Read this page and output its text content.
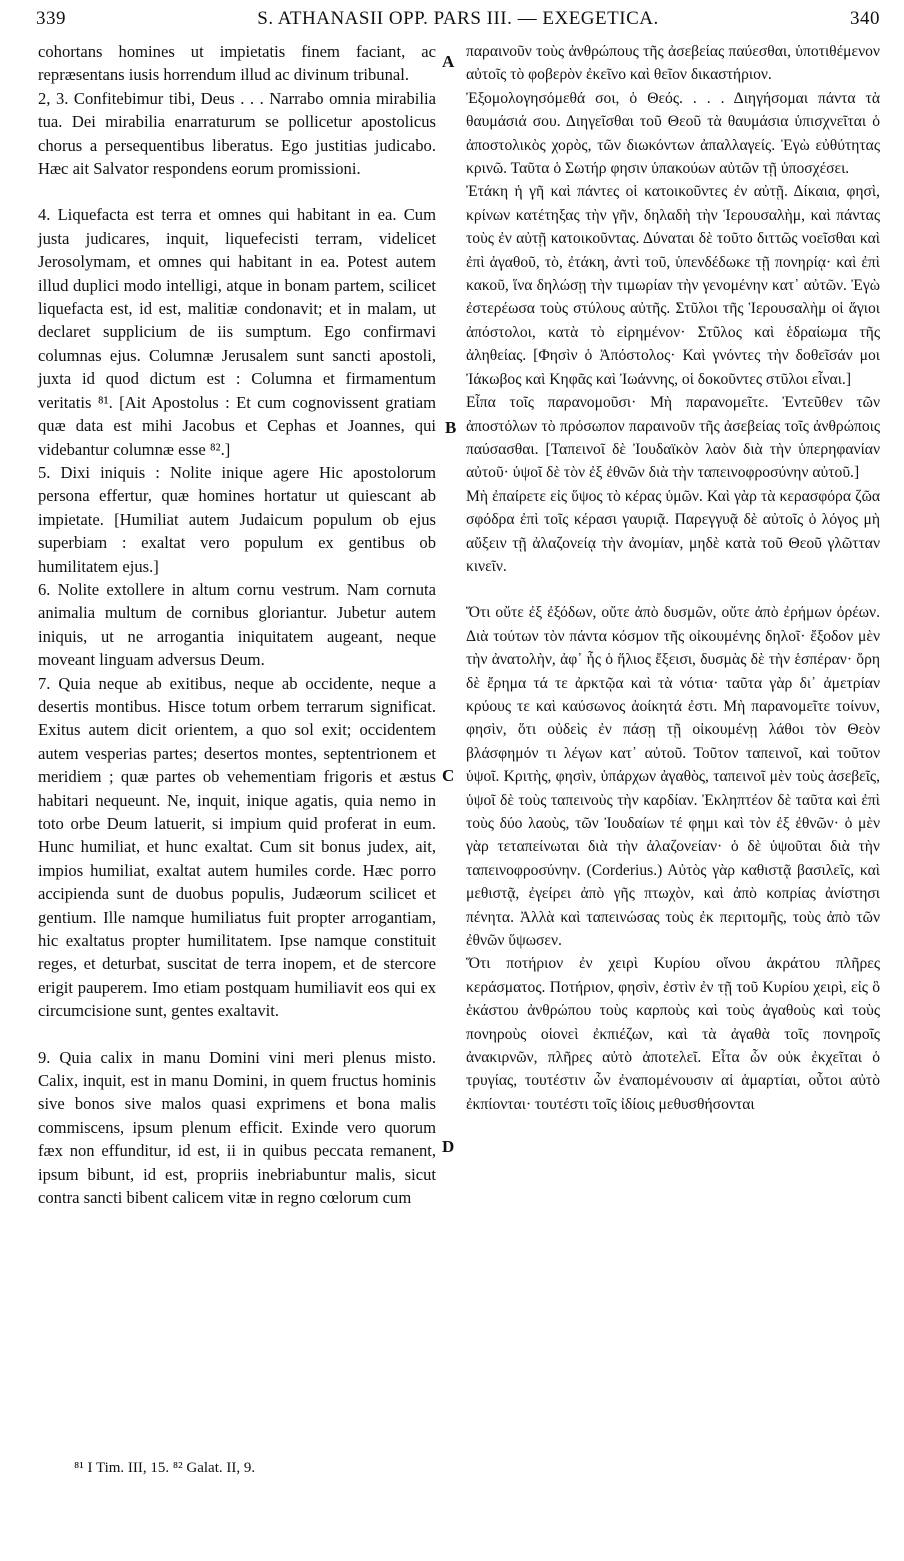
339	S. ATHANASII OPP. PARS III. — EXEGETICA.	340

cohortans homines ut impietatis finem faciant, ac repræsentans iusis horrendum illud ac divinum tribunal.

2, 3. Confitebimur tibi, Deus . . . Narrabo omnia mirabilia tua. Dei mirabilia enarraturum se pollicetur apostolicus chorus a persequentibus liberatus. Ego justitias judicabo. Hæc ait Salvator respondens eorum promissioni.

4. Liquefacta est terra et omnes qui habitant in ea. Cum justa judicares, inquit, liquefecisti terram, videlicet Jerosolymam, et omnes qui habitant in ea. Potest autem illud duplici modo intelligi, atque in bonam partem, scilicet liquefacta est, id est, malitiæ condonavit; et in malam, ut declaret supplicium de iis sumptum. Ego confirmavi columnas ejus. Columnæ Jerusalem sunt sancti apostoli, juxta id quod dictum est : Columna et firmamentum veritatis ⁸¹. [Ait Apostolus : Et cum cognovissent gratiam quæ data est mihi Jacobus et Cephas et Joannes, qui videbantur columnæ esse ⁸².]

5. Dixi iniquis : Nolite inique agere Hic apostolorum persona effertur, quæ homines hortatur ut quiescant ab impietate. [Humiliat autem Judaicum populum ob ejus superbiam : exaltat vero populum ex gentibus ob humilitatem ejus.]

6. Nolite extollere in altum cornu vestrum. Nam cornuta animalia multum de cornibus gloriantur. Jubetur autem iniquis, ut ne arrogantia iniquitatem augeant, neque moveant linguam adversus Deum.

7. Quia neque ab exitibus, neque ab occidente, neque a desertis montibus. Hisce totum orbem terrarum significat. Exitus autem dicit orientem, a quo sol exit; occidentem autem vesperias partes; desertos montes, septentrionem et meridiem ; quæ partes ob vehementiam frigoris et æstus habitari nequeunt. Ne, inquit, inique agatis, quia nemo in toto orbe Deum latuerit, si impium quid proferat in eum. Hunc humiliat, et hunc exaltat. Cum sit bonus judex, ait, impios humiliat, exaltat autem humiles corde. Hæc porro accipienda sunt de duobus populis, Judæorum scilicet et gentium. Ille namque humiliatus fuit propter arrogantiam, hic exaltatus propter humilitatem. Ipse namque constituit reges, et deturbat, suscitat de terra inopem, et de stercore erigit pauperem. Imo etiam postquam humiliavit eos qui ex circumcisione sunt, gentes exaltavit.

9. Quia calix in manu Domini vini meri plenus misto. Calix, inquit, est in manu Domini, in quem fructus hominis sive bonos sive malos quasi exprimens et bona malis commiscens, ipsum plenum efficit. Exinde vero quorum fæx non effunditur, id est, ii in quibus peccata remanent, ipsum bibunt, id est, propriis inebriabuntur malis, sicut contra sancti bibent calicem vitæ in regno cœlorum cum

A
B
C
D

παραινοῦν τοὺς ἀνθρώπους τῆς ἀσεβείας παύεσθαι, ὑποτιθέμενον αὐτοῖς τὸ φοβερὸν ἐκεῖνο καὶ θεῖον δικαστήριον.

Ἐξομολογησόμεθά σοι, ὁ Θεός. . . . Διηγήσομαι πάντα τὰ θαυμάσιά σου. Διηγεῖσθαι τοῦ Θεοῦ τὰ θαυμάσια ὑπισχνεῖται ὁ ἀποστολικὸς χορὸς, τῶν διωκόντων ἀπαλλαγείς. Ἐγὼ εὐθύτητας κρινῶ. Ταῦτα ὁ Σωτήρ φησιν ὑπακούων αὐτῶν τῇ ὑποσχέσει.

Ἐτάκη ἡ γῆ καὶ πάντες οἱ κατοικοῦντες ἐν αὐτῇ. Δίκαια, φησὶ, κρίνων κατέτηξας τὴν γῆν, δηλαδὴ τὴν Ἱερουσαλὴμ, καὶ πάντας τοὺς ἐν αὐτῇ κατοικοῦντας. Δύναται δὲ τοῦτο διττῶς νοεῖσθαι καὶ ἐπὶ ἀγαθοῦ, τὸ, ἐτάκη, ἀντὶ τοῦ, ὑπενδέδωκε τῇ πονηρίᾳ· καὶ ἐπὶ κακοῦ, ἵνα δηλώσῃ τὴν τιμωρίαν τὴν γενομένην κατ᾽ αὐτῶν. Ἐγὼ ἐστερέωσα τοὺς στύλους αὐτῆς. Στῦλοι τῆς Ἱερουσαλὴμ οἱ ἅγιοι ἀπόστολοι, κατὰ τὸ εἰρημένον· Στῦλος καὶ ἑδραίωμα τῆς ἀληθείας. [Φησὶν ὁ Ἀπόστολος· Καὶ γνόντες τὴν δοθεῖσάν μοι Ἰάκωβος καὶ Κηφᾶς καὶ Ἰωάννης, οἱ δοκοῦντες στῦλοι εἶναι.]

Εἶπα τοῖς παρανομοῦσι· Μὴ παρανομεῖτε. Ἐντεῦθεν τῶν ἀποστόλων τὸ πρόσωπον παραινοῦν τῆς ἀσεβείας τοῖς ἀνθρώποις παύσασθαι. [Ταπεινοῖ δὲ Ἰουδαϊκὸν λαὸν διὰ τὴν ὑπερηφανίαν αὐτοῦ· ὑψοῖ δὲ τὸν ἐξ ἐθνῶν διὰ τὴν ταπεινοφροσύνην αὐτοῦ.]

Μὴ ἐπαίρετε εἰς ὕψος τὸ κέρας ὑμῶν. Καὶ γὰρ τὰ κερασφόρα ζῶα σφόδρα ἐπὶ τοῖς κέρασι γαυριᾷ. Παρεγγυᾷ δὲ αὐτοῖς ὁ λόγος μὴ αὔξειν τῇ ἀλαζονείᾳ τὴν ἀνομίαν, μηδὲ κατὰ τοῦ Θεοῦ γλῶτταν κινεῖν.

Ὅτι οὔτε ἐξ ἐξόδων, οὔτε ἀπὸ δυσμῶν, οὔτε ἀπὸ ἐρήμων ὀρέων. Διὰ τούτων τὸν πάντα κόσμον τῆς οἰκουμένης δηλοῖ· ἔξοδον μὲν τὴν ἀνατολὴν, ἀφ᾽ ἧς ὁ ἥλιος ἔξεισι, δυσμὰς δὲ τὴν ἑσπέραν· ὄρη δὲ ἔρημα τά τε ἀρκτῷα καὶ τὰ νότια· ταῦτα γὰρ δι᾽ ἀμετρίαν κρύους τε καὶ καύσωνος ἀοίκητά ἐστι. Μὴ παρανομεῖτε τοίνυν, φησὶν, ὅτι οὐδεὶς ἐν πάσῃ τῇ οἰκουμένῃ λάθοι τὸν Θεὸν βλάσφημόν τι λέγων κατ᾽ αὐτοῦ. Τοῦτον ταπεινοῖ, καὶ τοῦτον ὑψοῖ. Κριτὴς, φησὶν, ὑπάρχων ἀγαθὸς, ταπεινοῖ μὲν τοὺς ἀσεβεῖς, ὑψοῖ δὲ τοὺς ταπεινοὺς τὴν καρδίαν. Ἐκληπτέον δὲ ταῦτα καὶ ἐπὶ τοὺς δύο λαοὺς, τῶν Ἰουδαίων τέ φημι καὶ τὸν ἐξ ἐθνῶν· ὁ μὲν γὰρ τεταπείνωται διὰ τὴν ἀλαζονείαν· ὁ δὲ ὑψοῦται διὰ τὴν ταπεινοφροσύνην. (Corderius.) Αὐτὸς γὰρ καθιστᾷ βασιλεῖς, καὶ μεθιστᾷ, ἐγείρει ἀπὸ γῆς πτωχὸν, καὶ ἀπὸ κοπρίας ἀνίστησι πένητα. Ἀλλὰ καὶ ταπεινώσας τοὺς ἐκ περιτομῆς, τοὺς ἀπὸ τῶν ἐθνῶν ὕψωσεν.

Ὅτι ποτήριον ἐν χειρὶ Κυρίου οἴνου ἀκράτου πλῆρες κεράσματος. Ποτήριον, φησὶν, ἐστὶν ἐν τῇ τοῦ Κυρίου χειρὶ, εἰς ὃ ἑκάστου ἀνθρώπου τοὺς καρποὺς καὶ τοὺς ἀγαθοὺς καὶ τοὺς πονηροὺς οἱονεὶ ἐκπιέζων, καὶ τὰ ἀγαθὰ τοῖς πονηροῖς ἀνακιρνῶν, πλῆρες αὐτὸ ἀποτελεῖ. Εἶτα ὧν οὐκ ἐκχεῖται ὁ τρυγίας, τουτέστιν ὧν ἐναπομένουσιν αἱ ἁμαρτίαι, οὗτοι αὐτὸ ἐκπίονται· τουτέστι τοῖς ἰδίοις μεθυσθήσονται

⁸¹ I Tim. III, 15. ⁸² Galat. II, 9.
